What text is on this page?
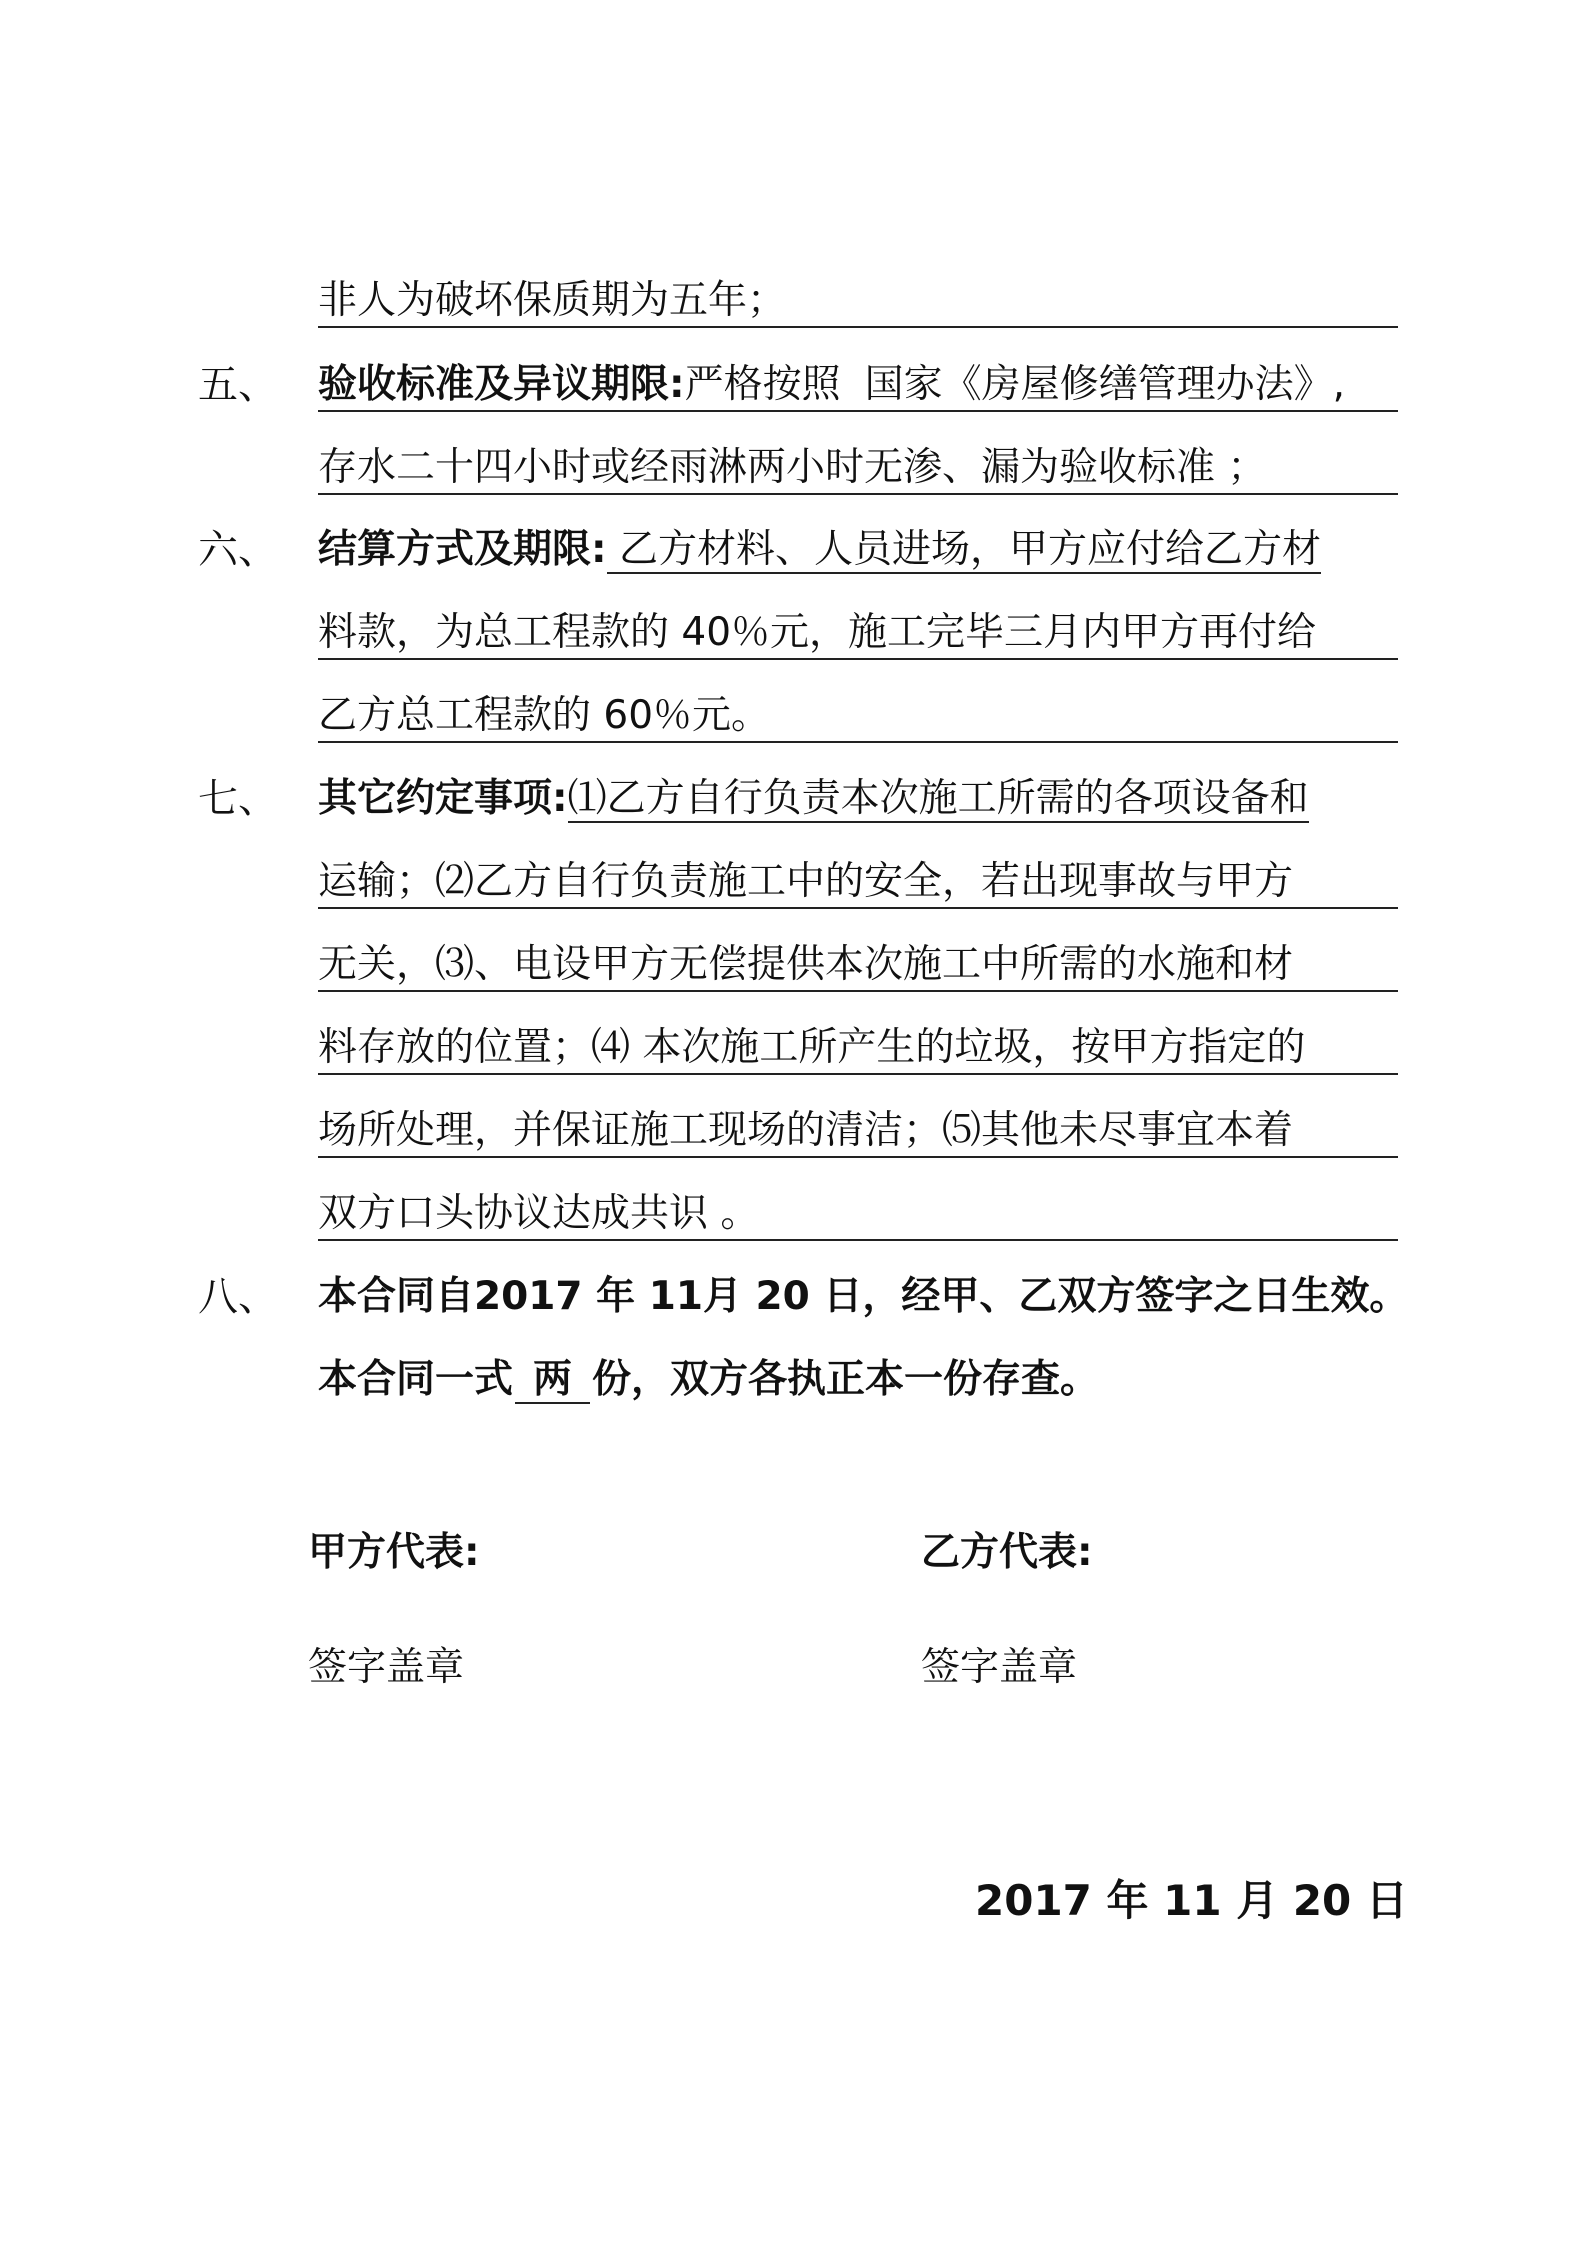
非人为破坏保质期为五年；
五、 验收标准及异议期限:严格按照 国家《房屋修缮管理办法》,
存水二十四小时或经雨淋两小时无渗、漏为验收标准 ；
六、 结算方式及期限: 乙方材料、人员进场，甲方应付给乙方材
料款，为总工程款的 40％元，施工完毕三月内甲方再付给
乙方总工程款的 60％元。
七、 其它约定事项:⑴乙方自行负责本次施工所需的各项设备和
运输；⑵乙方自行负责施工中的安全，若出现事故与甲方
无关，⑶、电设甲方无偿提供本次施工中所需的水施和材
料存放的位置；⑷ 本次施工所产生的垃圾，按甲方指定的
场所处理，并保证施工现场的清洁；⑸其他未尽事宜本着
双方口头协议达成共识 。
八、 本合同自2017 年 11月 20 日，经甲、乙双方签字之日生效。
本合同一式 两 份，双方各执正本一份存查。
甲方代表:	乙方代表:
签字盖章	签字盖章
2017 年 11 月 20 日
